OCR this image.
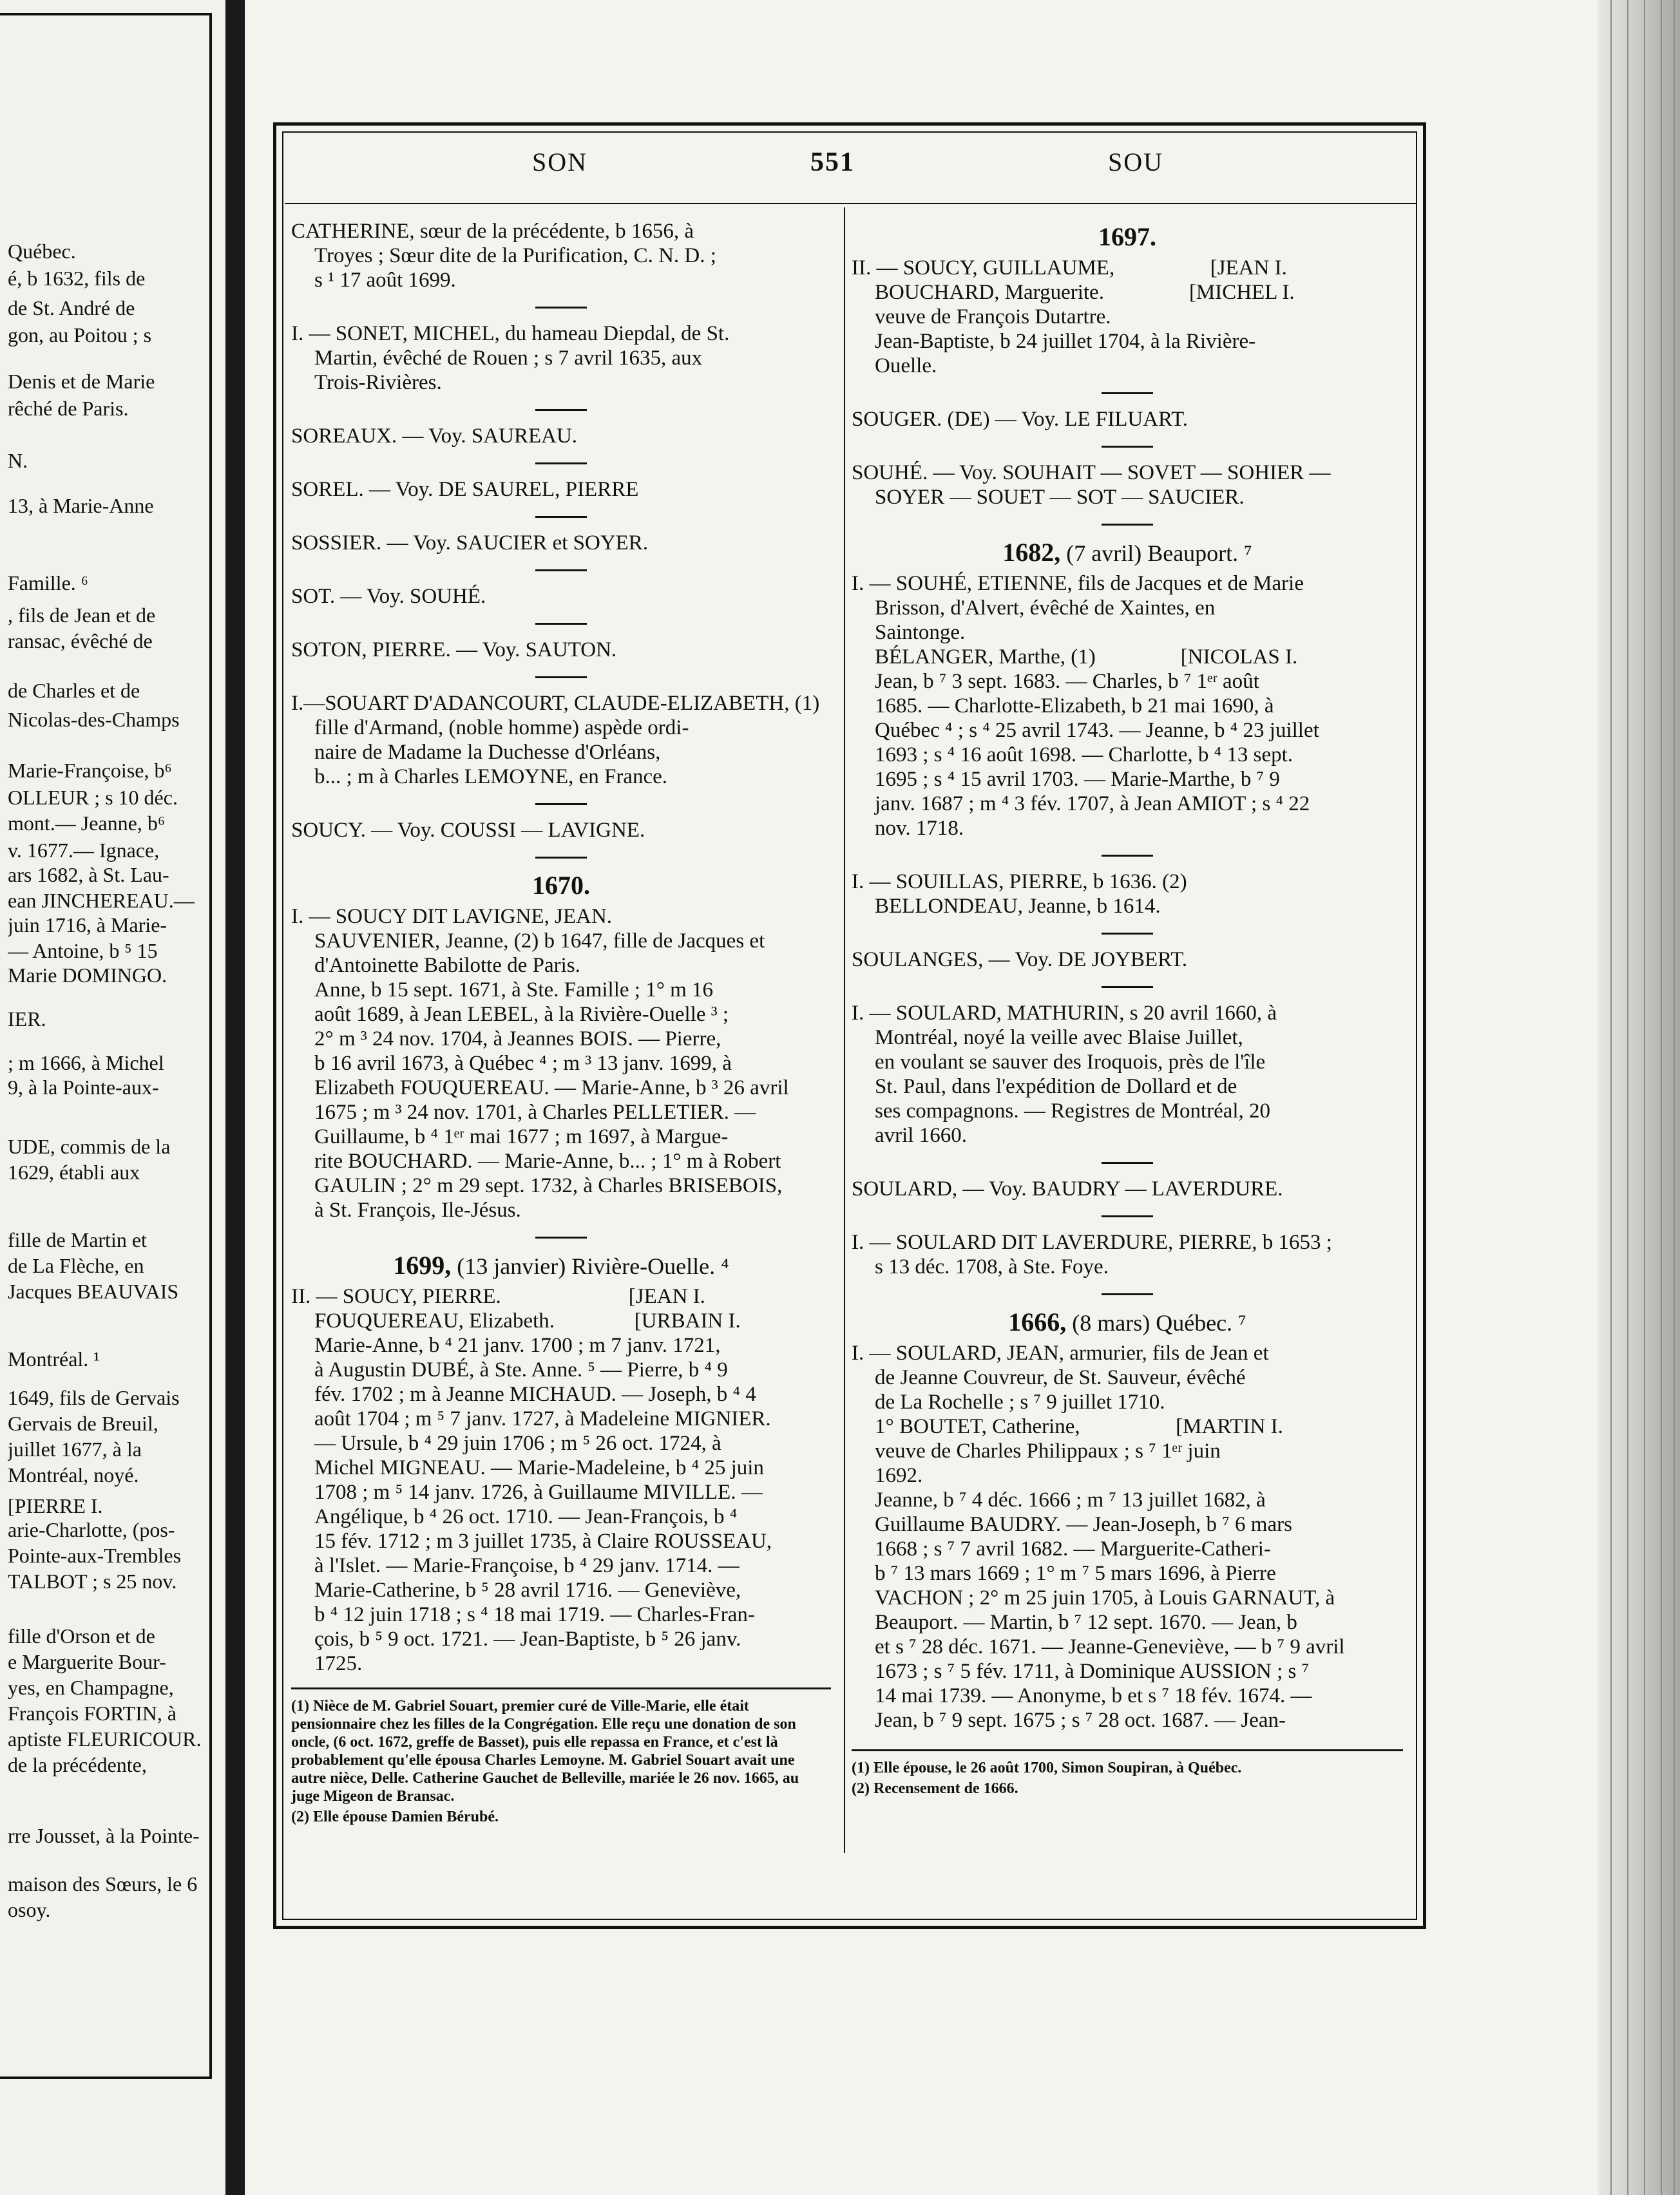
Québec.
é, b 1632, fils de
de St. André de
gon, au Poitou ; s
Denis et de Marie
rêché de Paris.
N.
13, à Marie-Anne
Famille. ⁶
, fils de Jean et de
ransac, évêché de
de Charles et de
Nicolas-des-Champs
Marie-Françoise, b⁶
OLLEUR ; s 10 déc.
mont.— Jeanne, b⁶
v. 1677.— Ignace,
ars 1682, à St. Lau-
ean JINCHEREAU.—
juin 1716, à Marie-
— Antoine, b ⁵ 15
Marie DOMINGO.
IER.
; m 1666, à Michel
9, à la Pointe-aux-
UDE, commis de la
1629, établi aux
fille de Martin et
de La Flèche, en
Jacques BEAUVAIS
Montréal. ¹
1649, fils de Gervais
Gervais de Breuil,
juillet 1677, à la
Montréal, noyé.
[PIERRE I.
arie-Charlotte, (pos-
Pointe-aux-Trembles
TALBOT ; s 25 nov.
fille d'Orson et de
e Marguerite Bour-
yes, en Champagne,
François FORTIN, à
aptiste FLEURICOUR.
de la précédente,
rre Jousset, à la Pointe-
maison des Sœurs, le 6
osoy.
SON	551	SOU
CATHERINE, sœur de la précédente, b 1656, à
Troyes ; Sœur dite de la Purification, C. N. D. ;
s ¹ 17 août 1699.
I. — SONET, MICHEL, du hameau Diepdal, de St.
Martin, évêché de Rouen ; s 7 avril 1635, aux
Trois-Rivières.
SOREAUX. — Voy. SAUREAU.
SOREL. — Voy. DE SAUREL, PIERRE
SOSSIER. — Voy. SAUCIER et SOYER.
SOT. — Voy. SOUHÉ.
SOTON, PIERRE. — Voy. SAUTON.
I.—SOUART D'ADANCOURT, CLAUDE-ELIZABETH, (1)
fille d'Armand, (noble homme) aspède ordi-
naire de Madame la Duchesse d'Orléans,
b... ; m à Charles LEMOYNE, en France.
SOUCY. — Voy. COUSSI — LAVIGNE.
1670.
I. — SOUCY DIT LAVIGNE, JEAN.
SAUVENIER, Jeanne, (2) b 1647, fille de Jacques et
d'Antoinette Babilotte de Paris.
Anne, b 15 sept. 1671, à Ste. Famille ; 1° m 16
août 1689, à Jean LEBEL, à la Rivière-Ouelle ³ ;
2° m ³ 24 nov. 1704, à Jeannes BOIS. — Pierre,
b 16 avril 1673, à Québec ⁴ ; m ³ 13 janv. 1699, à
Elizabeth FOUQUEREAU. — Marie-Anne, b ³ 26 avril
1675 ; m ³ 24 nov. 1701, à Charles PELLETIER. —
Guillaume, b ⁴ 1ᵉʳ mai 1677 ; m 1697, à Margue-
rite BOUCHARD. — Marie-Anne, b... ; 1° m à Robert
GAULIN ; 2° m 29 sept. 1732, à Charles BRISEBOIS,
à St. François, Ile-Jésus.
1699, (13 janvier) Rivière-Ouelle. ⁴
II. — SOUCY, PIERRE.                        [JEAN I.
FOUQUEREAU, Elizabeth.               [URBAIN I.
Marie-Anne, b ⁴ 21 janv. 1700 ; m 7 janv. 1721,
à Augustin DUBÉ, à Ste. Anne. ⁵ — Pierre, b ⁴ 9
fév. 1702 ; m à Jeanne MICHAUD. — Joseph, b ⁴ 4
août 1704 ; m ⁵ 7 janv. 1727, à Madeleine MIGNIER.
— Ursule, b ⁴ 29 juin 1706 ; m ⁵ 26 oct. 1724, à
Michel MIGNEAU. — Marie-Madeleine, b ⁴ 25 juin
1708 ; m ⁵ 14 janv. 1726, à Guillaume MIVILLE. —
Angélique, b ⁴ 26 oct. 1710. — Jean-François, b ⁴
15 fév. 1712 ; m 3 juillet 1735, à Claire ROUSSEAU,
à l'Islet. — Marie-Françoise, b ⁴ 29 janv. 1714. —
Marie-Catherine, b ⁵ 28 avril 1716. — Geneviève,
b ⁴ 12 juin 1718 ; s ⁴ 18 mai 1719. — Charles-Fran-
çois, b ⁵ 9 oct. 1721. — Jean-Baptiste, b ⁵ 26 janv.
1725.
(1) Nièce de M. Gabriel Souart, premier curé de Ville-Marie, elle était pensionnaire chez les filles de la Congrégation. Elle reçu une donation de son oncle, (6 oct. 1672, greffe de Basset), puis elle repassa en France, et c'est là probablement qu'elle épousa Charles Lemoyne. M. Gabriel Souart avait une autre nièce, Delle. Catherine Gauchet de Belleville, mariée le 26 nov. 1665, au juge Migeon de Bransac.
(2) Elle épouse Damien Bérubé.
1697.
II. — SOUCY, GUILLAUME,                  [JEAN I.
BOUCHARD, Marguerite.                [MICHEL I.
veuve de François Dutartre.
Jean-Baptiste, b 24 juillet 1704, à la Rivière-
Ouelle.
SOUGER. (DE) — Voy. LE FILUART.
SOUHÉ. — Voy. SOUHAIT — SOVET — SOHIER —
SOYER — SOUET — SOT — SAUCIER.
1682, (7 avril) Beauport. ⁷
I. — SOUHÉ, ETIENNE, fils de Jacques et de Marie
Brisson, d'Alvert, évêché de Xaintes, en
Saintonge.
BÉLANGER, Marthe, (1)                [NICOLAS I.
Jean, b ⁷ 3 sept. 1683. — Charles, b ⁷ 1ᵉʳ août
1685. — Charlotte-Elizabeth, b 21 mai 1690, à
Québec ⁴ ; s ⁴ 25 avril 1743. — Jeanne, b ⁴ 23 juillet
1693 ; s ⁴ 16 août 1698. — Charlotte, b ⁴ 13 sept.
1695 ; s ⁴ 15 avril 1703. — Marie-Marthe, b ⁷ 9
janv. 1687 ; m ⁴ 3 fév. 1707, à Jean AMIOT ; s ⁴ 22
nov. 1718.
I. — SOUILLAS, PIERRE, b 1636. (2)
BELLONDEAU, Jeanne, b 1614.
SOULANGES, — Voy. DE JOYBERT.
I. — SOULARD, MATHURIN, s 20 avril 1660, à
Montréal, noyé la veille avec Blaise Juillet,
en voulant se sauver des Iroquois, près de l'île
St. Paul, dans l'expédition de Dollard et de
ses compagnons. — Registres de Montréal, 20
avril 1660.
SOULARD, — Voy. BAUDRY — LAVERDURE.
I. — SOULARD DIT LAVERDURE, PIERRE, b 1653 ;
s 13 déc. 1708, à Ste. Foye.
1666, (8 mars) Québec. ⁷
I. — SOULARD, JEAN, armurier, fils de Jean et
de Jeanne Couvreur, de St. Sauveur, évêché
de La Rochelle ; s ⁷ 9 juillet 1710.
1° BOUTET, Catherine,                  [MARTIN I.
veuve de Charles Philippaux ; s ⁷ 1ᵉʳ juin
1692.
Jeanne, b ⁷ 4 déc. 1666 ; m ⁷ 13 juillet 1682, à
Guillaume BAUDRY. — Jean-Joseph, b ⁷ 6 mars
1668 ; s ⁷ 7 avril 1682. — Marguerite-Catheri-
b ⁷ 13 mars 1669 ; 1° m ⁷ 5 mars 1696, à Pierre
VACHON ; 2° m 25 juin 1705, à Louis GARNAUT, à
Beauport. — Martin, b ⁷ 12 sept. 1670. — Jean, b
et s ⁷ 28 déc. 1671. — Jeanne-Geneviève, — b ⁷ 9 avril
1673 ; s ⁷ 5 fév. 1711, à Dominique AUSSION ; s ⁷
14 mai 1739. — Anonyme, b et s ⁷ 18 fév. 1674. —
Jean, b ⁷ 9 sept. 1675 ; s ⁷ 28 oct. 1687. — Jean-
(1) Elle épouse, le 26 août 1700, Simon Soupiran, à Québec.
(2) Recensement de 1666.
